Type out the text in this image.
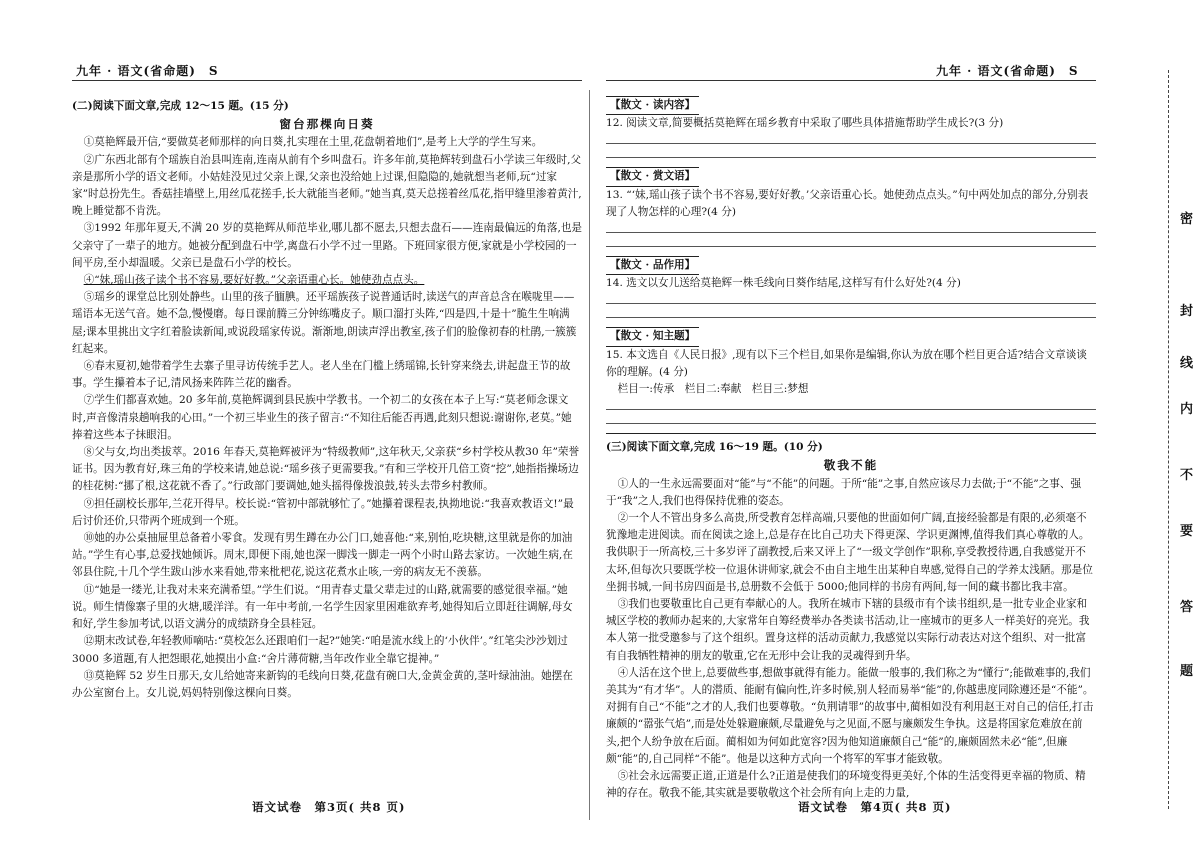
九年 · 语文(省命题)　S
(二)阅读下面文章,完成 12～15 题。(15 分)
窗台那棵向日葵

①莫艳辉最开信,“要做莫老师那样的向日葵,扎实理在土里,花盘朝着地们”,是考上大学的学生写来。

②广东西北部有个瑶族自治县叫连南,连南从前有个乡叫盘石。许多年前,莫艳辉转到盘石小学读三年级时,父亲是那所小学的语文老师。小姑娃没见过父亲上课,父亲也没给她上过课,但隐隐的,她就想当老师,玩“过家家”时总扮先生。香菇挂墙壁上,用丝瓜花搓手,长大就能当老师。”她当真,莫天总搓着丝瓜花,指甲缝里渗着黄汁,晚上睡觉都不肯洗。

③1992 年那年夏天,不满 20 岁的莫艳辉从师范毕业,哪儿都不愿去,只想去盘石——连南最偏远的角落,也是父亲守了一辈子的地方。她被分配到盘石中学,离盘石小学不过一里路。下班回家很方便,家就是小学校园的一间平房,至小却温暖。父亲已是盘石小学的校长。

④“妹,瑶山孩子读个书不容易,要好好教。”父亲语重心长。她使劲点点头。

⑤瑶乡的课堂总比别处静些。山里的孩子腼腆。还平瑶族孩子说普通话时,读送气的声音总含在喉咙里——瑶语本无送气音。她不急,慢慢磨。每日课前腾三分钟练嘴皮子。顺口溜打头阵,“四是四,十是十”脆生生响满屋;课本里挑出文字红着脸读新闻,或说段瑶家传说。渐渐地,朗读声浮出教室,孩子们的脸像初春的杜鹃,一簇簇红起来。

⑥春末夏初,她带着学生去寨子里寻访传统手艺人。老人坐在门槛上绣瑶锦,长针穿来绕去,讲起盘王节的故事。学生攥着本子记,清风扬来阵阵兰花的幽香。

⑦学生们都喜欢她。20 多年前,莫艳辉调到县民族中学教书。一个初二的女孩在本子上写:“莫老师念课文时,声音像清泉趟响我的心田。”一个初三毕业生的孩子留言:“不知往后能否再遇,此刻只想说:谢谢你,老莫。”她捧着这些本子抹眼泪。

⑧父与女,均出类拔萃。2016 年春天,莫艳辉被评为“特级教师”,这年秋天,父亲获“乡村学校从教30 年”荣誉证书。因为教育好,珠三角的学校来请,她总说:“瑶乡孩子更需要我。”有和三学校开几倍工资“挖”,她指指操场边的桂花树:“挪了根,这花就不香了。”行政部门要调她,她头摇得像拨浪鼓,转头去带乡村教师。

⑨担任副校长那年,兰花开得早。校长说:“管初中部就够忙了。”她攥着课程表,执拗地说:“我喜欢教语文!”最后讨价还价,只带两个班成到一个班。

⑩她的办公桌抽屉里总备着小零食。发现有男生蹲在办公门口,她喜他:“来,别怕,吃块糖,这里就是你的加油站。”学生有心事,总爱找她倾诉。周末,即便下雨,她也深一脚浅一脚走一两个小时山路去家访。一次她生病,在邻县住院,十几个学生跋山涉水来看她,带来枇杷花,说这花煮水止咳,一旁的病友无不羡慕。

⑪“她是一缕光,让我对未来充满希望。”学生们说。“用青春丈量父辈走过的山路,就需要的感觉很幸福。”她说。师生情像寨子里的火塘,暖洋洋。有一年中考前,一名学生因家里困难欲弃考,她得知后立即赶往调解,母女和好,学生参加考试,以语文满分的成绩跻身全县桂冠。

⑫期末改试卷,年轻教师嘀咕:“莫校怎么还跟咱们一起?”她笑:“咱是流水线上的‘小伙伴’。”红笔尖沙沙划过 3000 多道题,有人把怨眼花,她摸出小盒:“舍片薄荷糖,当年改作业全靠它提神。”

⑬莫艳辉 52 岁生日那天,女儿给她寄来新钩的毛线向日葵,花盘有碗口大,金黄金黄的,茎叶绿油油。她摆在办公室窗台上。女儿说,妈妈特别像这棵向日葵。

语文试卷　第3页( 共8 页)
九年 · 语文(省命题)　S
【散文 · 读内容】
12. 阅读文章,简要概括莫艳辉在瑶乡教育中采取了哪些具体措施帮助学生成长?(3 分)
【散文 · 赏文语】
13. “‘妹,瑶山孩子读个书不容易,要好好教。’父亲语重心长。她使劲点点头。”句中两处加点的部分,分别表现了人物怎样的心理?(4 分)
【散文 · 品作用】
14. 选文以女儿送给莫艳辉一株毛线向日葵作结尾,这样写有什么好处?(4 分)
【散文 · 知主题】
15. 本文选自《人民日报》,现有以下三个栏目,如果你是编辑,你认为放在哪个栏目更合适?结合文章谈谈你的理解。(4 分)
栏目一:传承　栏目二:奉献　栏目三:梦想
(三)阅读下面文章,完成 16～19 题。(10 分)
敬我不能

①人的一生永远需要面对“能”与“不能”的问题。于所“能”之事,自然应该尽力去做;于“不能”之事、强于“我”之人,我们也得保持优雅的姿态。

②一个人不管出身多么高贵,所受教育怎样高端,只要他的世面如何广阔,直接经验都是有限的,必须毫不犹豫地走进阅读。而在阅读之途上,总是存在比自己功夫下得更深、学识更渊博,值得我们真心尊敬的人。我供职于一所高校,三十多岁评了副教授,后来又评上了“一级文学创作”职称,享受教授待遇,自我感觉开不太坏,但每次只要既学校一位退休讲师家,就会不由自主地生出某种自卑感,觉得自己的学养太浅陋。那是位坐拥书城,一间书房四面是书,总册数不会低于 5000;他同样的书房有两间,每一间的藏书都比我丰富。

③我们也要敬重比自己更有奉献心的人。我所在城市下辖的县级市有个读书组织,是一批专业企业家和城区学校的教师办起来的,大家常年自筹经费举办各类读书活动,让一座城市的更多人一样美好的亮光。我本人第一批受邀参与了这个组织。置身这样的活动贡献力,我感觉以实际行动表达对这个组织、对一批富有自我牺牲精神的朋友的敬重,它在无形中会让我的灵魂得到升华。

④人活在这个世上,总要做些事,想做事就得有能力。能做一般事的,我们称之为“懂行”;能做难事的,我们美其为“有才华”。人的潜质、能耐有偏向性,许多时候,别人轻而易举“能”的,你越患度同除遵还是“不能”。对拥有自己“不能”之才的人,我们也要尊敬。“负荆请罪”的故事中,蔺相如没有利用赵王对自己的信任,打击廉颇的“嚣张气焰”,而是处处躲避廉颇,尽量避免与之见面,不愿与廉颇发生争执。这是将国家危难放在前头,把个人纷争放在后面。蔺相如为何如此宽容?因为他知道廉颇自己“能”的,廉颇固然未必“能”,但廉颇“能”的,自己同样“不能”。他是以这种方式向一个将军的军事才能致敬。

⑤社会永远需要正道,正道是什么?正道是使我们的环境变得更美好,个体的生活变得更幸福的物质、精神的存在。敬我不能,其实就是要敬敬这个社会所有向上走的力量,

语文试卷　第4页( 共8 页)
密
封
线
内
不
要
答
题
